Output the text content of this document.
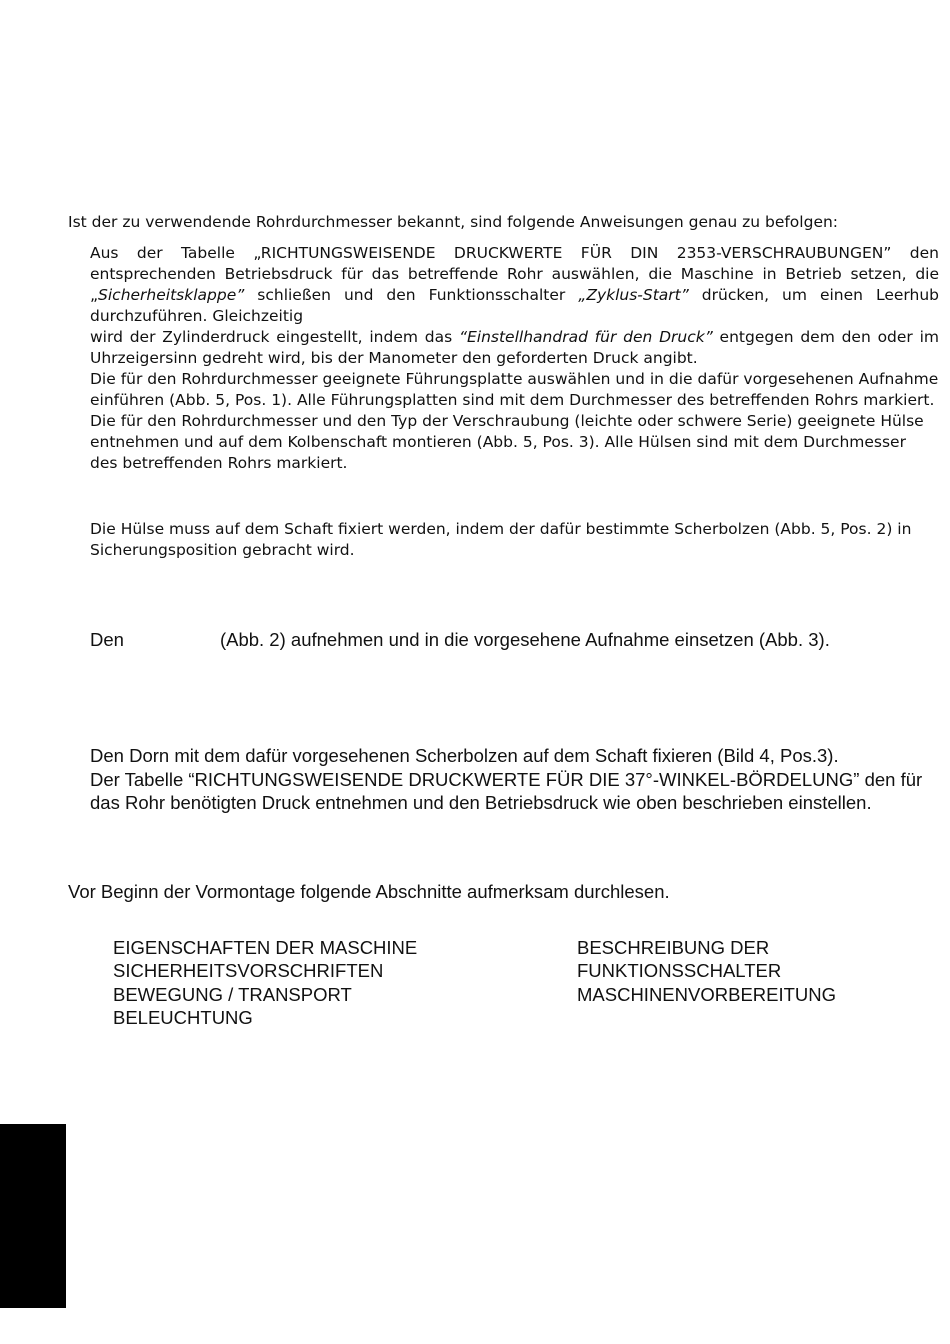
Ist der zu verwendende Rohrdurchmesser bekannt, sind folgende Anweisungen genau zu befolgen:
Aus der Tabelle „RICHTUNGSWEISENDE DRUCKWERTE FÜR DIN 2353-VERSCHRAUBUNGEN” den
entsprechenden Betriebsdruck für das betreffende Rohr auswählen, die Maschine in Betrieb setzen, die
„Sicherheitsklappe” schließen und den Funktionsschalter „Zyklus-Start” drücken, um einen Leerhub
durchzuführen. Gleichzeitig
wird der Zylinderdruck eingestellt, indem das “Einstellhandrad für den Druck” entgegen dem den oder im
Uhrzeigersinn gedreht wird, bis der Manometer den geforderten Druck angibt.
Die für den Rohrdurchmesser geeignete Führungsplatte auswählen und in die dafür vorgesehenen Aufnahme
einführen (Abb. 5, Pos. 1). Alle Führungsplatten sind mit dem Durchmesser des betreffenden Rohrs markiert.
Die für den Rohrdurchmesser und den Typ der Verschraubung (leichte oder schwere Serie) geeignete Hülse
entnehmen und auf dem Kolbenschaft montieren (Abb. 5, Pos. 3). Alle Hülsen sind mit dem Durchmesser
des betreffenden Rohrs markiert.
Die Hülse muss auf dem Schaft fixiert werden, indem der dafür bestimmte Scherbolzen (Abb. 5, Pos. 2) in
Sicherungsposition gebracht wird.
Den	(Abb. 2) aufnehmen und in die vorgesehene Aufnahme einsetzen (Abb. 3).
Den Dorn mit dem dafür vorgesehenen Scherbolzen auf dem Schaft fixieren (Bild 4, Pos.3).
Der Tabelle “RICHTUNGSWEISENDE DRUCKWERTE FÜR DIE 37°-WINKEL-BÖRDELUNG” den für
das Rohr benötigten Druck entnehmen und den Betriebsdruck wie oben beschrieben einstellen.
Vor Beginn der Vormontage folgende Abschnitte aufmerksam durchlesen.
EIGENSCHAFTEN DER MASCHINE
SICHERHEITSVORSCHRIFTEN
BEWEGUNG / TRANSPORT
BELEUCHTUNG
BESCHREIBUNG DER
FUNKTIONSSCHALTER
MASCHINENVORBEREITUNG
